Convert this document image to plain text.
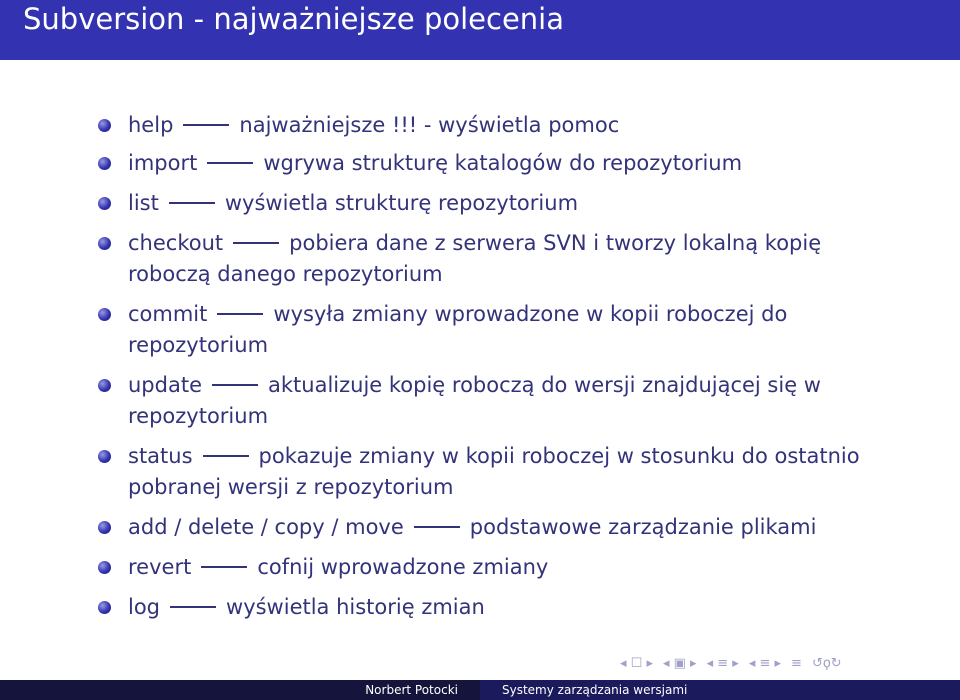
Subversion - najważniejsze polecenia
help	najważniejsze !!! - wyświetla pomoc
import	wgrywa strukturę katalogów do repozytorium
list	wyświetla strukturę repozytorium
checkout	pobiera dane z serwera SVN i tworzy lokalną kopię roboczą danego repozytorium
commit	wysyła zmiany wprowadzone w kopii roboczej do repozytorium
update	aktualizuje kopię roboczą do wersji znajdującej się w repozytorium
status	pokazuje zmiany w kopii roboczej w stosunku do ostatnio pobranej wersji z repozytorium
add / delete / copy / move	podstawowe zarządzanie plikami
revert	cofnij wprowadzone zmiany
log	wyświetla historię zmian
◂ ☐ ▸ ◂ ▣ ▸ ◂ ≡ ▸ ◂ ≡ ▸ ≡ ↺ϙ↻
Norbert Potocki	Systemy zarządzania wersjami
